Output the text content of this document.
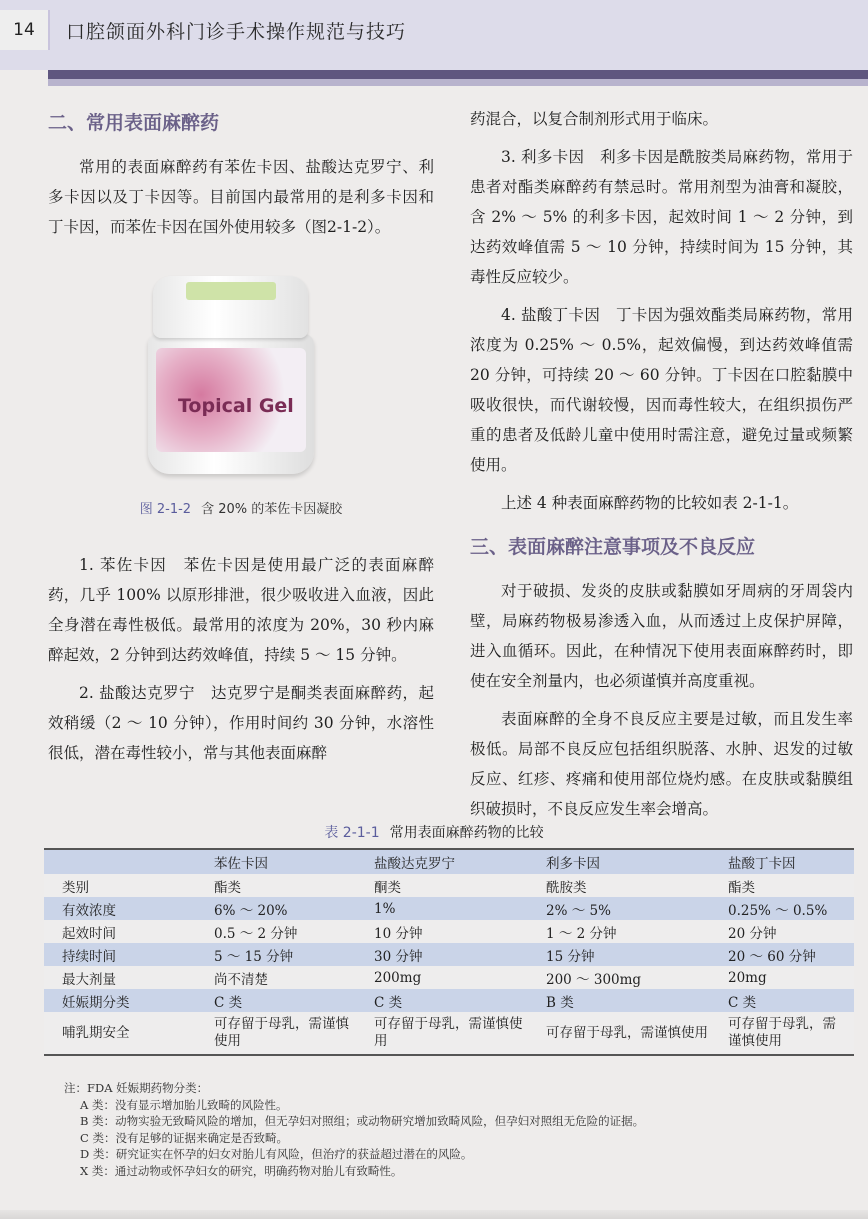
14	口腔颌面外科门诊手术操作规范与技巧
二、常用表面麻醉药

常用的表面麻醉药有苯佐卡因、盐酸达克罗宁、利多卡因以及丁卡因等。目前国内最常用的是利多卡因和丁卡因，而苯佐卡因在国外使用较多（图2-1-2）。

Topical Gel
图 2-1-2 含 20% 的苯佐卡因凝胶

1. 苯佐卡因　苯佐卡因是使用最广泛的表面麻醉药，几乎 100% 以原形排泄，很少吸收进入血液，因此全身潜在毒性极低。最常用的浓度为 20%，30 秒内麻醉起效，2 分钟到达药效峰值，持续 5 ～ 15 分钟。

2. 盐酸达克罗宁　达克罗宁是酮类表面麻醉药，起效稍缓（2 ～ 10 分钟），作用时间约 30 分钟，水溶性很低，潜在毒性较小，常与其他表面麻醉

药混合，以复合制剂形式用于临床。

3. 利多卡因　利多卡因是酰胺类局麻药物，常用于患者对酯类麻醉药有禁忌时。常用剂型为油膏和凝胶，含 2% ～ 5% 的利多卡因，起效时间 1 ～ 2 分钟，到达药效峰值需 5 ～ 10 分钟，持续时间为 15 分钟，其毒性反应较少。

4. 盐酸丁卡因　丁卡因为强效酯类局麻药物，常用浓度为 0.25% ～ 0.5%，起效偏慢，到达药效峰值需 20 分钟，可持续 20 ～ 60 分钟。丁卡因在口腔黏膜中吸收很快，而代谢较慢，因而毒性较大，在组织损伤严重的患者及低龄儿童中使用时需注意，避免过量或频繁使用。

上述 4 种表面麻醉药物的比较如表 2-1-1。

三、表面麻醉注意事项及不良反应

对于破损、发炎的皮肤或黏膜如牙周病的牙周袋内壁，局麻药物极易渗透入血，从而透过上皮保护屏障，进入血循环。因此，在种情况下使用表面麻醉药时，即使在安全剂量内，也必须谨慎并高度重视。

表面麻醉的全身不良反应主要是过敏，而且发生率极低。局部不良反应包括组织脱落、水肿、迟发的过敏反应、红疹、疼痛和使用部位烧灼感。在皮肤或黏膜组织破损时，不良反应发生率会增高。

表 2-1-1 常用表面麻醉药物的比较
	苯佐卡因	盐酸达克罗宁	利多卡因	盐酸丁卡因
类别	酯类	酮类	酰胺类	酯类
有效浓度	6% ～ 20%	1%	2% ～ 5%	0.25% ～ 0.5%
起效时间	0.5 ～ 2 分钟	10 分钟	1 ～ 2 分钟	20 分钟
持续时间	5 ～ 15 分钟	30 分钟	15 分钟	20 ～ 60 分钟
最大剂量	尚不清楚	200mg	200 ～ 300mg	20mg
妊娠期分类	C 类	C 类	B 类	C 类
哺乳期安全	可存留于母乳，需谨慎使用	可存留于母乳，需谨慎使用	可存留于母乳，需谨慎使用	可存留于母乳，需谨慎使用
注：FDA 妊娠期药物分类：
A 类：没有显示增加胎儿致畸的风险性。
B 类：动物实验无致畸风险的增加，但无孕妇对照组；或动物研究增加致畸风险，但孕妇对照组无危险的证据。
C 类：没有足够的证据来确定是否致畸。
D 类：研究证实在怀孕的妇女对胎儿有风险，但治疗的获益超过潜在的风险。
X 类：通过动物或怀孕妇女的研究，明确药物对胎儿有致畸性。
